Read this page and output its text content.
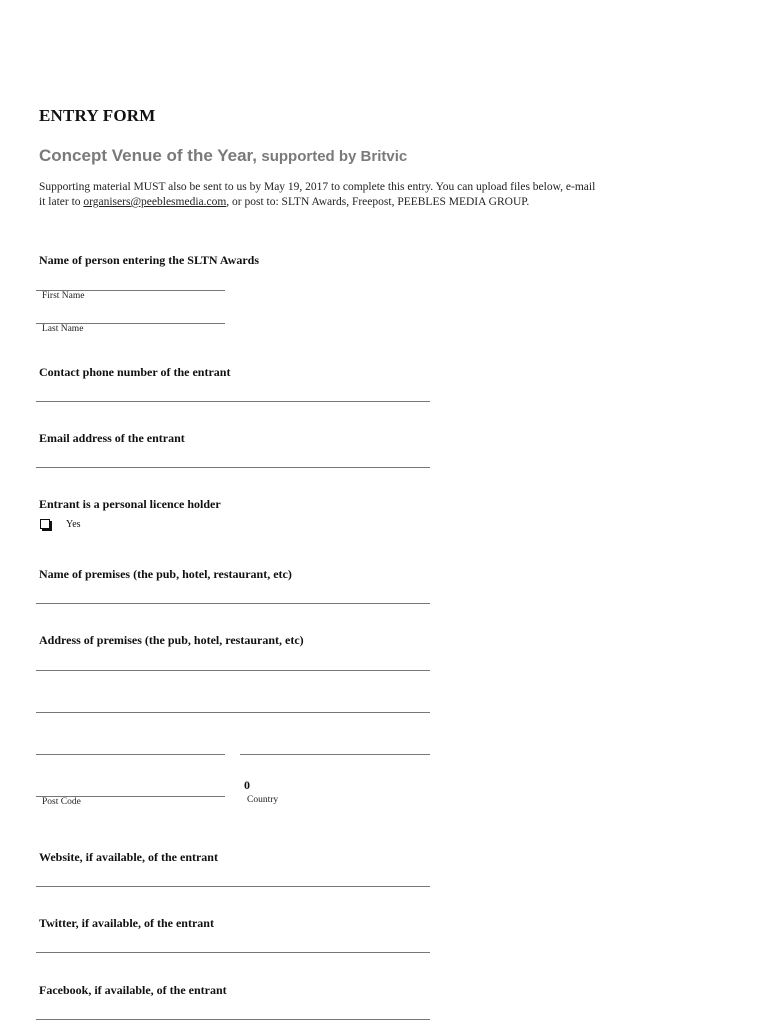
ENTRY FORM
Concept Venue of the Year, supported by Britvic
Supporting material MUST also be sent to us by May 19, 2017 to complete this entry. You can upload files below, e-mail
it later to organisers@peeblesmedia.com, or post to: SLTN Awards, Freepost, PEEBLES MEDIA GROUP.
Name of person entering the SLTN Awards
First Name
Last Name
Contact phone number of the entrant
Email address of the entrant
Entrant is a personal licence holder
Yes
Name of premises (the pub, hotel, restaurant, etc)
Address of premises (the pub, hotel, restaurant, etc)
0
Post Code	Country
Website, if available, of the entrant
Twitter, if available, of the entrant
Facebook, if available, of the entrant
